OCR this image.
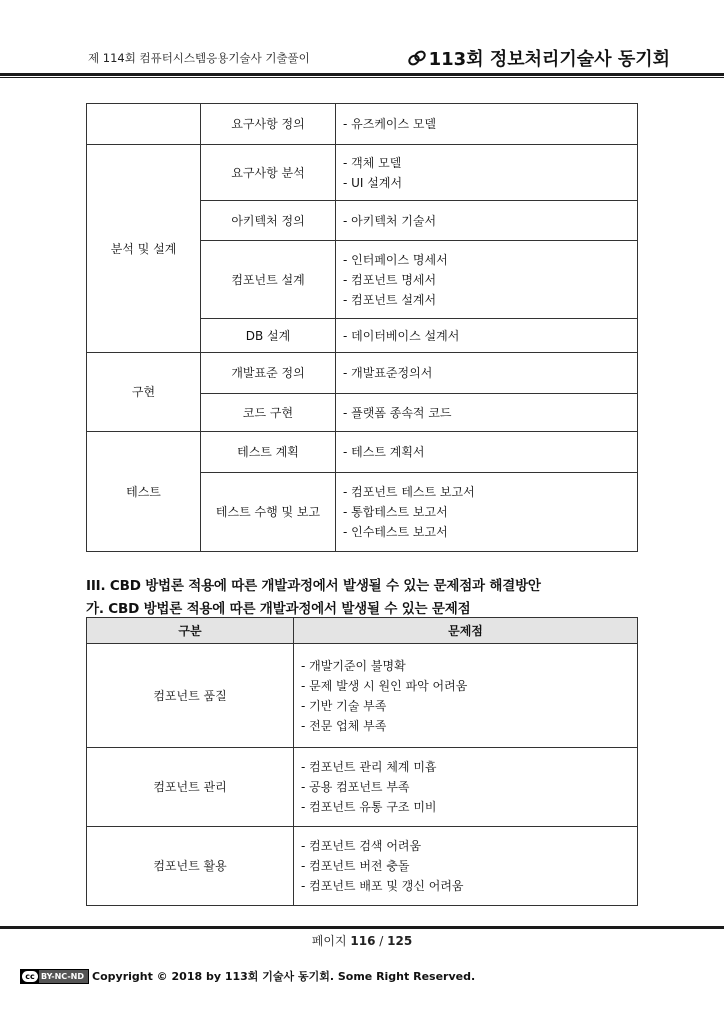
제 114회 컴퓨터시스템응용기술사 기출풀이	113회 정보처리기술사 동기회
	요구사항 정의	- 유즈케이스 모델

분석 및 설계	요구사항 분석	- 객체 모델
- UI 설계서

	아키텍처 정의	- 아키텍처 기술서

	컴포넌트 설계	- 인터페이스 명세서
- 컴포넌트 명세서
- 컴포넌트 설계서

	DB 설계	- 데이터베이스 설계서

구현	개발표준 정의	- 개발표준정의서

	코드 구현	- 플랫폼 종속적 코드

테스트	테스트 계획	- 테스트 계획서

	테스트 수행 및 보고	- 컴포넌트 테스트 보고서
- 통합테스트 보고서
- 인수테스트 보고서
III. CBD 방법론 적용에 따른 개발과정에서 발생될 수 있는 문제점과 해결방안
가. CBD 방법론 적용에 따른 개발과정에서 발생될 수 있는 문제점
구분	문제점
컴포넌트 품질	- 개발기준이 불명확
- 문제 발생 시 원인 파악 어려움
- 기반 기술 부족
- 전문 업체 부족

컴포넌트 관리	- 컴포넌트 관리 체계 미흡
- 공용 컴포넌트 부족
- 컴포넌트 유통 구조 미비

컴포넌트 활용	- 컴포넌트 검색 어려움
- 컴포넌트 버전 충돌
- 컴포넌트 배포 및 갱신 어려움
페이지 116 / 125
cc BY-NC-ND Copyright © 2018 by 113회 기술사 동기회. Some Right Reserved.
